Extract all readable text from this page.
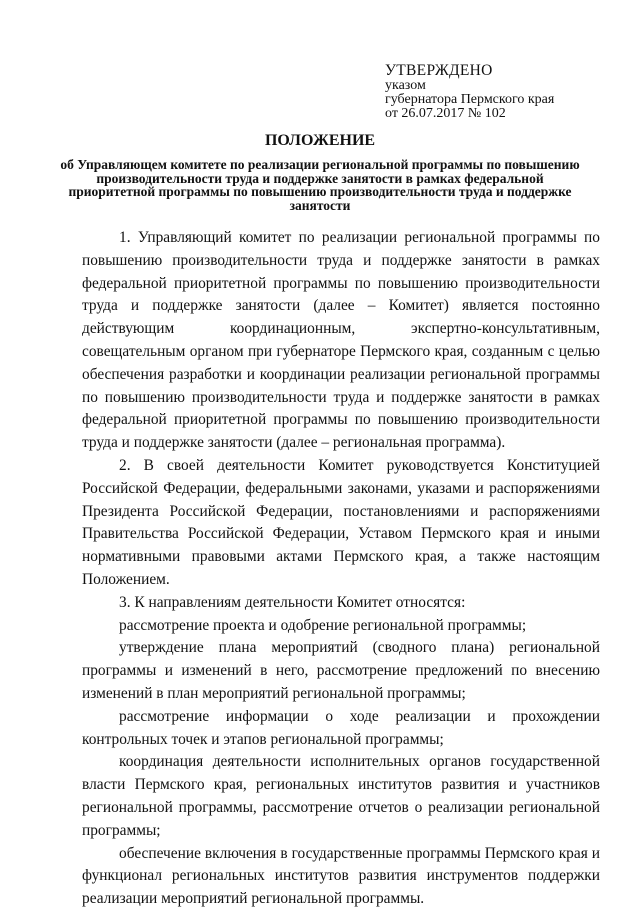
УТВЕРЖДЕНО
указом
губернатора Пермского края
от 26.07.2017 № 102
ПОЛОЖЕНИЕ
об Управляющем комитете по реализации региональной программы по повышению производительности труда и поддержке занятости в рамках федеральной приоритетной программы по повышению производительности труда и поддержке занятости

1. Управляющий комитет по реализации региональной программы по повышению производительности труда и поддержке занятости в рамках федеральной приоритетной программы по повышению производительности труда и поддержке занятости (далее – Комитет) является постоянно действующим координационным, экспертно-консультативным, совещательным органом при губернаторе Пермского края, созданным с целью обеспечения разработки и координации реализации региональной программы по повышению производительности труда и поддержке занятости в рамках федеральной приоритетной программы по повышению производительности труда и поддержке занятости (далее – региональная программа).

2. В своей деятельности Комитет руководствуется Конституцией Российской Федерации, федеральными законами, указами и распоряжениями Президента Российской Федерации, постановлениями и распоряжениями Правительства Российской Федерации, Уставом Пермского края и иными нормативными правовыми актами Пермского края, а также настоящим Положением.

3. К направлениям деятельности Комитет относятся:

рассмотрение проекта и одобрение региональной программы;

утверждение плана мероприятий (сводного плана) региональной программы и изменений в него, рассмотрение предложений по внесению изменений в план мероприятий региональной программы;

рассмотрение информации о ходе реализации и прохождении контрольных точек и этапов региональной программы;

координация деятельности исполнительных органов государственной власти Пермского края, региональных институтов развития и участников региональной программы, рассмотрение отчетов о реализации региональной программы;

обеспечение включения в государственные программы Пермского края и функционал региональных институтов развития инструментов поддержки реализации мероприятий региональной программы.
